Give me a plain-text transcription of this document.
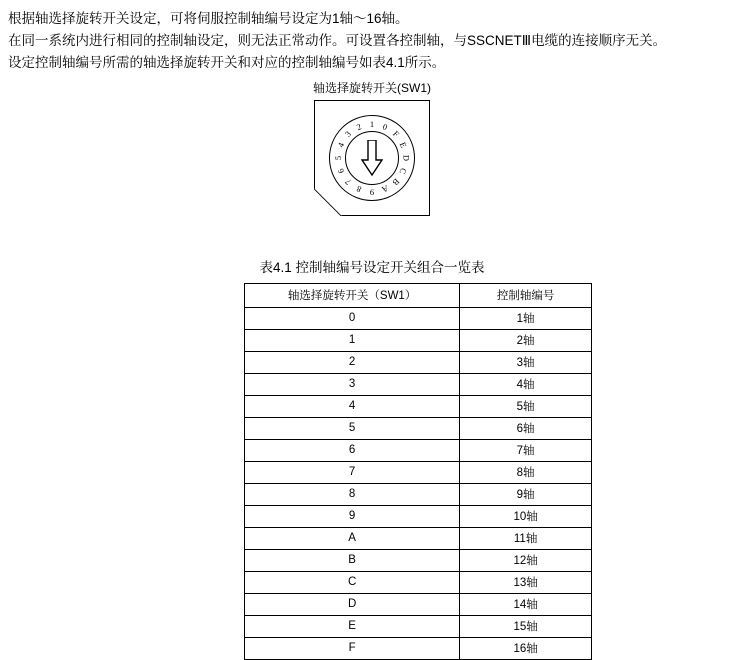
根据轴选择旋转开关设定，可将伺服控制轴编号设定为1轴～16轴。

在同一系统内进行相同的控制轴设定，则无法正常动作。可设置各控制轴，与SSCNETⅢ电缆的连接顺序无关。

设定控制轴编号所需的轴选择旋转开关和对应的控制轴编号如表4.1所示。

轴选择旋转开关(SW1)
0
1
2
3
4
5
6
7
8 9 A
B
C
D
E
F
表4.1 控制轴编号设定开关组合一览表
轴选择旋转开关（SW1）	控制轴编号
0	1轴
1	2轴
2	3轴
3	4轴
4	5轴
5	6轴
6	7轴
7	8轴
8	9轴
9	10轴
A	11轴
B	12轴
C	13轴
D	14轴
E	15轴
F	16轴
